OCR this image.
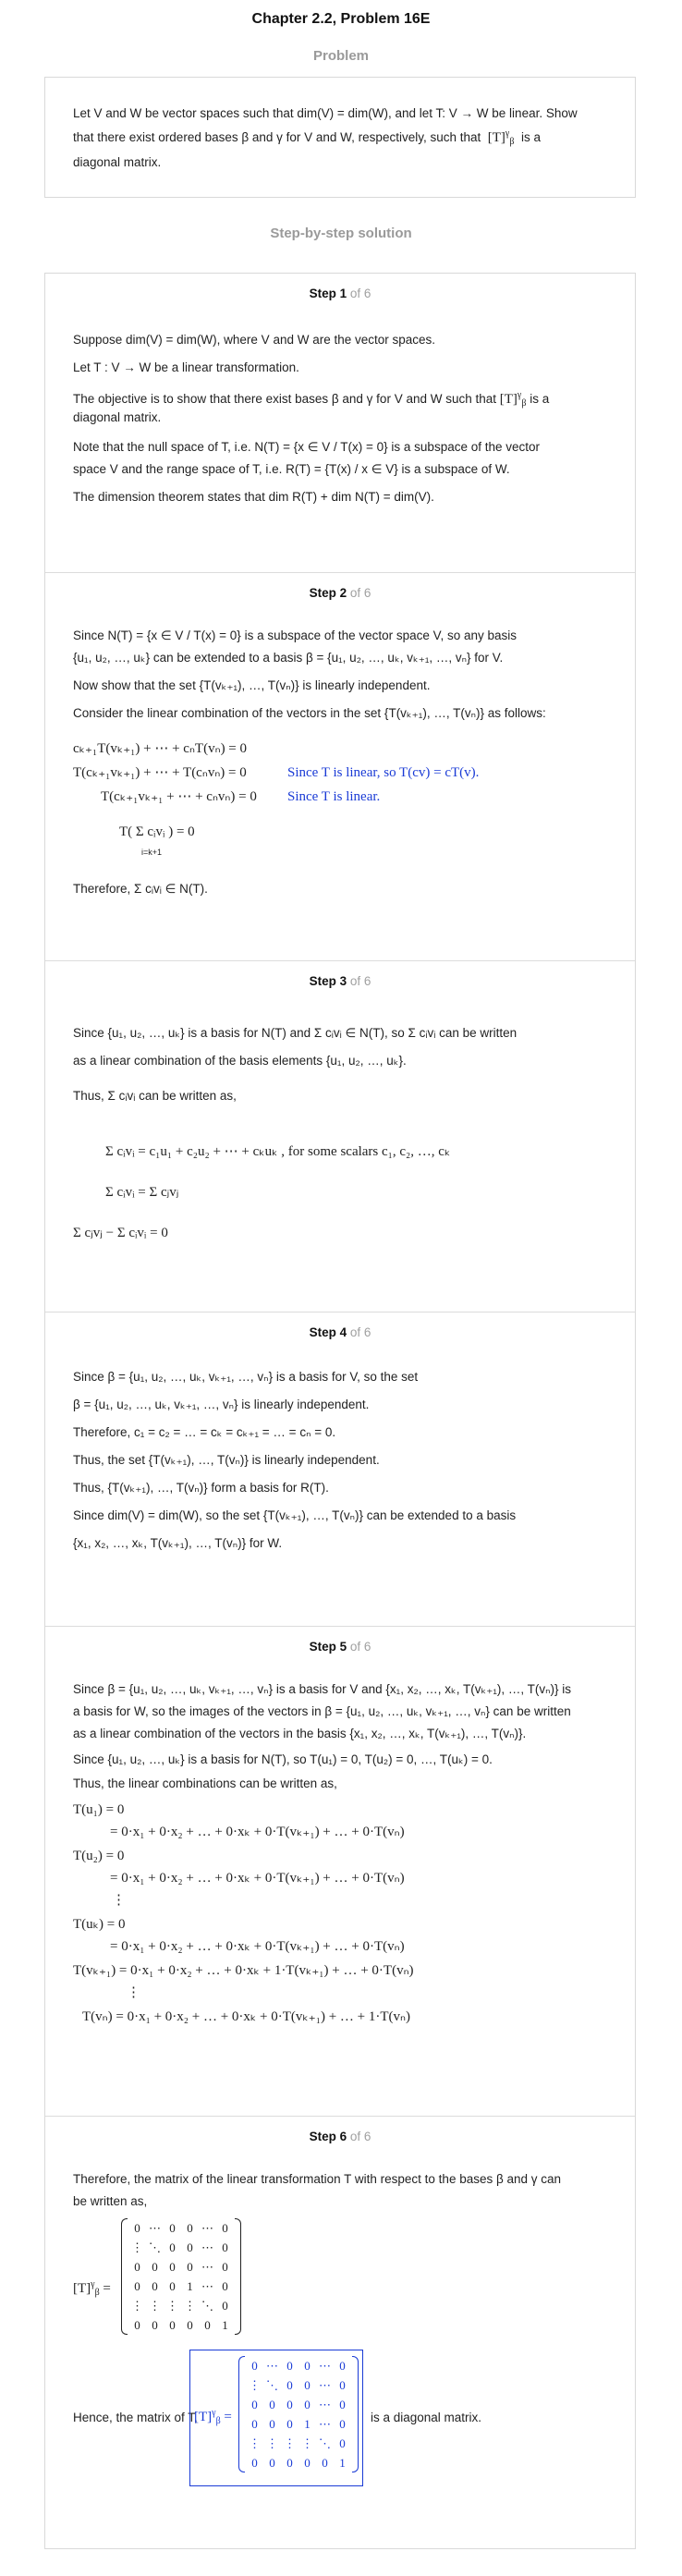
Chapter 2.2, Problem 16E
Problem
Let V and W be vector spaces such that dim(V) = dim(W), and let T: V → W be linear. Show
that there exist ordered bases β and γ for V and W, respectively, such that $[T]^\gamma_\beta$ is a
diagonal matrix.
Step-by-step solution
Step 1 of 6
Suppose dim(V) = dim(W), where V and W are the vector spaces.
Let T : V → W be a linear transformation.
The objective is to show that there exist bases β and γ for V and W such that $[T]^\gamma_\beta$ is a
diagonal matrix.
Note that the null space of T, i.e. N(T) = {x ∈ V / T(x) = 0} is a subspace of the vector
space V and the range space of T, i.e. R(T) = {T(x) / x ∈ V} is a subspace of W.
The dimension theorem states that dim R(T) + dim N(T) = dim(V).
Step 2 of 6
Since N(T) = {x ∈ V / T(x) = 0} is a subspace of the vector space V, so any basis
{u₁, u₂, …, uₖ} can be extended to a basis β = {u₁, u₂, …, uₖ, vₖ₊₁, …, vₙ} for V.
Now show that the set {T(vₖ₊₁), …, T(vₙ)} is linearly independent.
Consider the linear combination of the vectors in the set {T(vₖ₊₁), …, T(vₙ)} as follows:
cₖ₊₁T(vₖ₊₁) + ⋯ + cₙT(vₙ) = 0
T(cₖ₊₁vₖ₊₁) + ⋯ + T(cₙvₙ) = 0
T(cₖ₊₁vₖ₊₁ + ⋯ + cₙvₙ) = 0
T( Σ cᵢvᵢ ) = 0
i=k+1
Since T is linear, so T(cv) = cT(v).
Since T is linear.
Therefore, Σ cᵢvᵢ ∈ N(T).
Step 3 of 6
Since {u₁, u₂, …, uₖ} is a basis for N(T) and Σ cᵢvᵢ ∈ N(T), so Σ cᵢvᵢ can be written
as a linear combination of the basis elements {u₁, u₂, …, uₖ}.
Thus, Σ cᵢvᵢ can be written as,
Σ cᵢvᵢ = c₁u₁ + c₂u₂ + ⋯ + cₖuₖ , for some scalars c₁, c₂, …, cₖ
Σ cᵢvᵢ = Σ cⱼvⱼ
Σ cⱼvⱼ − Σ cᵢvᵢ = 0
Step 4 of 6
Since β = {u₁, u₂, …, uₖ, vₖ₊₁, …, vₙ} is a basis for V, so the set
β = {u₁, u₂, …, uₖ, vₖ₊₁, …, vₙ} is linearly independent.
Therefore, c₁ = c₂ = … = cₖ = cₖ₊₁ = … = cₙ = 0.
Thus, the set {T(vₖ₊₁), …, T(vₙ)} is linearly independent.
Thus, {T(vₖ₊₁), …, T(vₙ)} form a basis for R(T).
Since dim(V) = dim(W), so the set {T(vₖ₊₁), …, T(vₙ)} can be extended to a basis
{x₁, x₂, …, xₖ, T(vₖ₊₁), …, T(vₙ)} for W.
Step 5 of 6
Since β = {u₁, u₂, …, uₖ, vₖ₊₁, …, vₙ} is a basis for V and {x₁, x₂, …, xₖ, T(vₖ₊₁), …, T(vₙ)} is
a basis for W, so the images of the vectors in β = {u₁, u₂, …, uₖ, vₖ₊₁, …, vₙ} can be written
as a linear combination of the vectors in the basis {x₁, x₂, …, xₖ, T(vₖ₊₁), …, T(vₙ)}.
Since {u₁, u₂, …, uₖ} is a basis for N(T), so T(u₁) = 0, T(u₂) = 0, …, T(uₖ) = 0.
Thus, the linear combinations can be written as,
T(u₁) = 0
= 0·x₁ + 0·x₂ + … + 0·xₖ + 0·T(vₖ₊₁) + … + 0·T(vₙ)
T(u₂) = 0
= 0·x₁ + 0·x₂ + … + 0·xₖ + 0·T(vₖ₊₁) + … + 0·T(vₙ)
⋮
T(uₖ) = 0
= 0·x₁ + 0·x₂ + … + 0·xₖ + 0·T(vₖ₊₁) + … + 0·T(vₙ)
T(vₖ₊₁) = 0·x₁ + 0·x₂ + … + 0·xₖ + 1·T(vₖ₊₁) + … + 0·T(vₙ)
⋮
T(vₙ) = 0·x₁ + 0·x₂ + … + 0·xₖ + 0·T(vₖ₊₁) + … + 1·T(vₙ)
Step 6 of 6
Therefore, the matrix of the linear transformation T with respect to the bases β and γ can
be written as,
$[T]^\gamma_\beta$ =
0	⋯	0	0	⋯	0
⋮	⋱	0	0	⋯	0
0	0	0	0	⋯	0
0	0	0	1	⋯	0
⋮	⋮	⋮	⋮	⋱	0
0	0	0	0	0	1
Hence, the matrix of T,
$[T]^\gamma_\beta$ =
0	⋯	0	0	⋯	0
⋮	⋱	0	0	⋯	0
0	0	0	0	⋯	0
0	0	0	1	⋯	0
⋮	⋮	⋮	⋮	⋱	0
0	0	0	0	0	1
is a diagonal matrix.
